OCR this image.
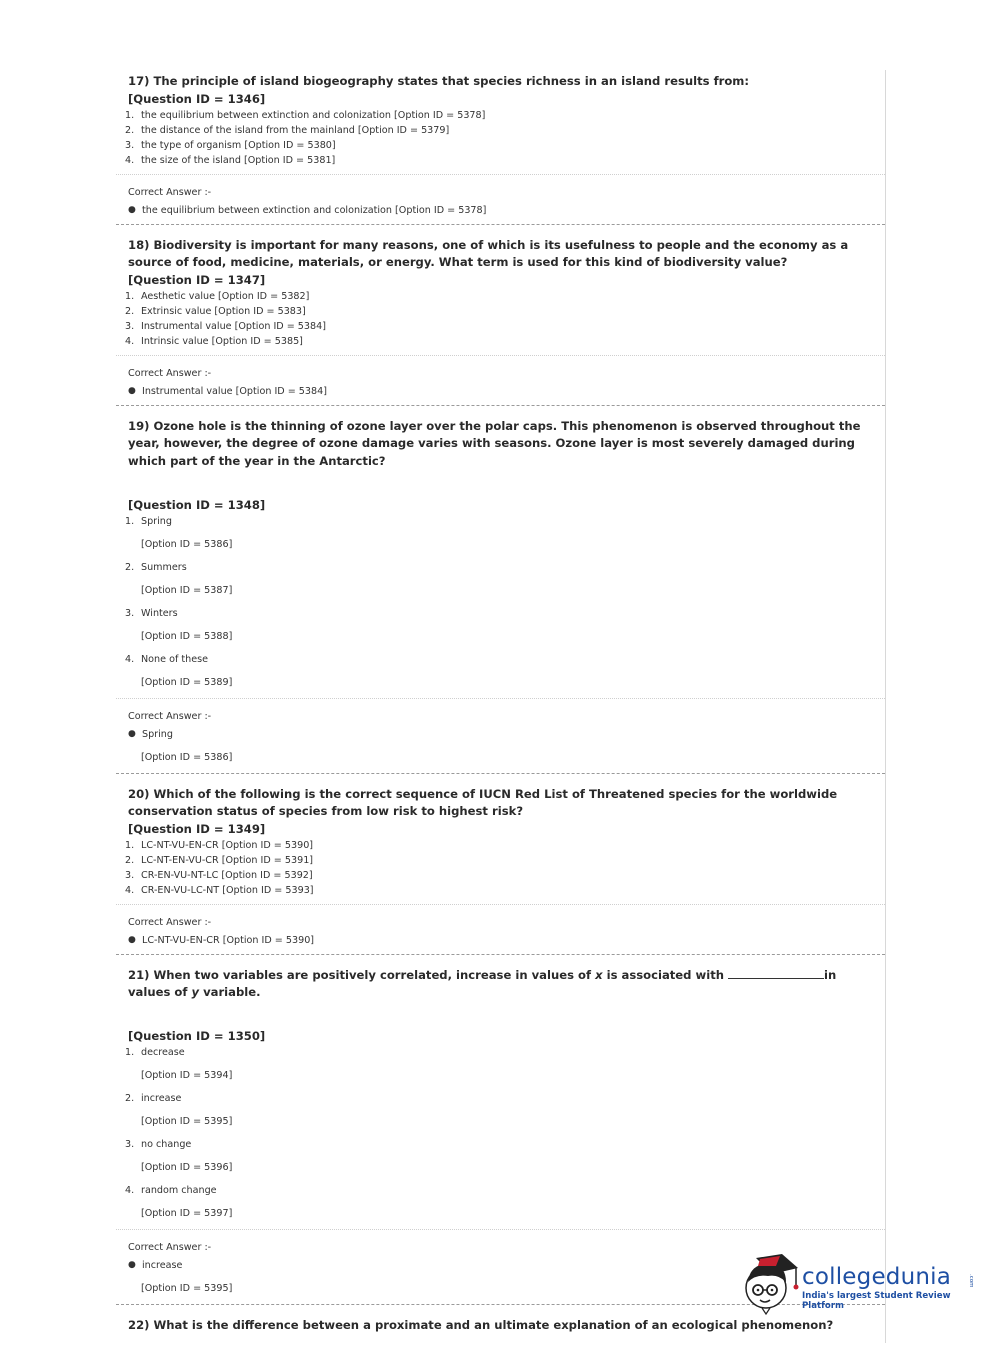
17) The principle of island biogeography states that species richness in an island results from:
[Question ID = 1346]
1. the equilibrium between extinction and colonization [Option ID = 5378]
2. the distance of the island from the mainland [Option ID = 5379]
3. the type of organism [Option ID = 5380]
4. the size of the island [Option ID = 5381]
Correct Answer :-
● the equilibrium between extinction and colonization [Option ID = 5378]
18) Biodiversity is important for many reasons, one of which is its usefulness to people and the economy as a source of food, medicine, materials, or energy. What term is used for this kind of biodiversity value?
[Question ID = 1347]
1. Aesthetic value [Option ID = 5382]
2. Extrinsic value [Option ID = 5383]
3. Instrumental value [Option ID = 5384]
4. Intrinsic value [Option ID = 5385]
Correct Answer :-
● Instrumental value [Option ID = 5384]
19) Ozone hole is the thinning of ozone layer over the polar caps. This phenomenon is observed throughout the year, however, the degree of ozone damage varies with seasons. Ozone layer is most severely damaged during which part of the year in the Antarctic?
[Question ID = 1348]
1. Spring
[Option ID = 5386]
2. Summers
[Option ID = 5387]
3. Winters
[Option ID = 5388]
4. None of these
[Option ID = 5389]
Correct Answer :-
● Spring
[Option ID = 5386]
20) Which of the following is the correct sequence of IUCN Red List of Threatened species for the worldwide conservation status of species from low risk to highest risk?
[Question ID = 1349]
1. LC-NT-VU-EN-CR [Option ID = 5390]
2. LC-NT-EN-VU-CR [Option ID = 5391]
3. CR-EN-VU-NT-LC [Option ID = 5392]
4. CR-EN-VU-LC-NT [Option ID = 5393]
Correct Answer :-
● LC-NT-VU-EN-CR [Option ID = 5390]
21) When two variables are positively correlated, increase in values of x is associated with	in values of y variable.
[Question ID = 1350]
1. decrease
[Option ID = 5394]
2. increase
[Option ID = 5395]
3. no change
[Option ID = 5396]
4. random change
[Option ID = 5397]
Correct Answer :-
● increase
[Option ID = 5395]
22) What is the difference between a proximate and an ultimate explanation of an ecological phenomenon?
collegedunia
India's largest Student Review Platform
.com
